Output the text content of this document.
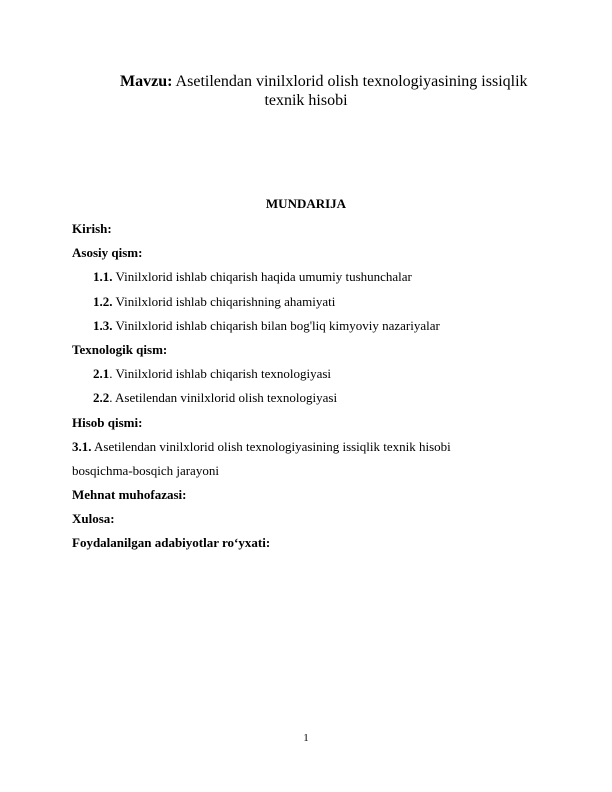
Mavzu: Asetilendan vinilxlorid olish texnologiyasining issiqlik
texnik hisobi
MUNDARIJA
Kirish:
Asosiy qism:
1.1. Vinilxlorid ishlab chiqarish haqida umumiy tushunchalar
1.2. Vinilxlorid ishlab chiqarishning ahamiyati
1.3. Vinilxlorid ishlab chiqarish bilan bog'liq kimyoviy nazariyalar
Texnologik qism:
2.1. Vinilxlorid ishlab chiqarish texnologiyasi
2.2. Asetilendan vinilxlorid olish texnologiyasi
Hisob qismi:
3.1. Asetilendan vinilxlorid olish texnologiyasining issiqlik texnik hisobi
bosqichma-bosqich jarayoni
Mehnat muhofazasi:
Xulosa:
Foydalanilgan adabiyotlar ro‘yxati:
1
